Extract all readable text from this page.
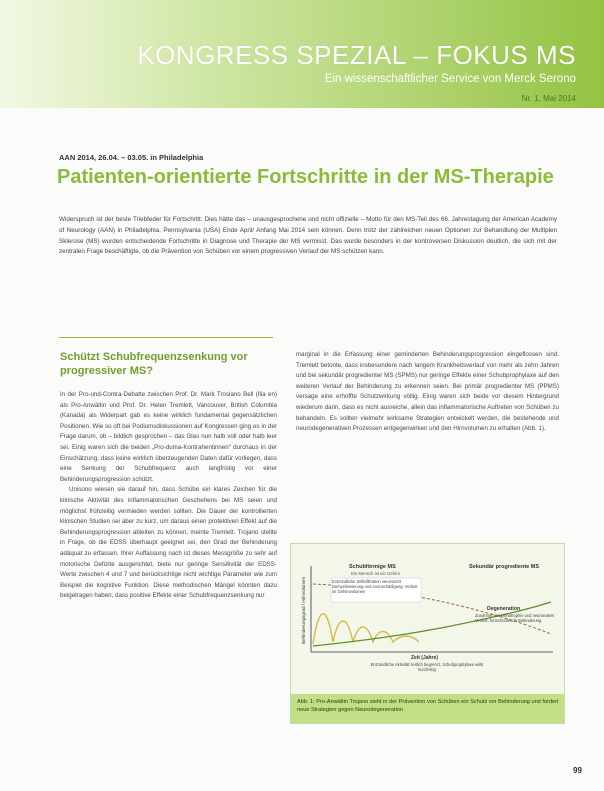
KONGRESS SPEZIAL – FOKUS MS
Ein wissenschaftlicher Service von Merck Serono
Nr. 1, Mai 2014
AAN 2014, 26.04. – 03.05. in Philadelphia
Patienten-orientierte Fortschritte in der MS-Therapie
Widerspruch ist der beste Triebfeder für Fortschritt: Dies hätte das – unausgesprochene und nicht offizielle – Motto für den MS-Teil des 66. Jahrestagung der American Academy of Neurology (AAN) in Philadelphia, Pennsylvania (USA) Ende April/ Anfang Mai 2014 sein können. Denn trotz der zahlreichen neuen Optionen zur Behandlung der Multiplen Sklerose (MS) wurden entscheidende Fortschritte in Diagnose und Therapie der MS vermisst. Das wurde besonders in der kontroversen Diskussion deutlich, die sich mit der zentralen Frage beschäftigte, ob die Prävention von Schüben vor einem progressiven Verlauf der MS schützen kann.
Schützt Schubfrequenzsenkung vor progressiver MS?

In der Pro-und-Contra-Debatte zwischen Prof. Dr. Mark Trosiano Bell (Ilia en) als Pro-Anwältin und Prof. Dr. Helen Tremlett, Vancouver, British Columbia (Kanada) als Widerpart gab es keine wirklich fundamental gegensätzlichen Positionen. Wie so oft bei Podiumsdiskussionen auf Kongressen ging es in der Frage darum, ob – bildlich gesprochen – das Glas nun halb voll oder halb leer sei. Einig waren sich die beiden „Pro-duma-Kontrahentinnen“ durchaus in der Einschätzung, dass keine wirklich überzeugenden Daten dafür vorliegen, dass eine Senkung der Schubfrequenz auch langfristig vor einer Behinderungsprogression schützt.

Unisono wiesen sie darauf hin, dass Schübe ein klares Zeichen für die klinische Aktivität des inflammatorischen Geschehens bei MS seien und möglichst frühzeitig vermieden werden sollten. Die Dauer der kontrollierten klinischen Studien sei aber zu kurz, um daraus einen protektiven Effekt auf die Behinderungsprogression ableiten zu können, meinte Tremlett. Trojano stellte in Frage, ob die EDSS überhaupt geeignet sei, den Grad der Behinderung adäquat zu erfassen. Ihrer Auffassung nach ist dieses Messgröße zu sehr auf motorische Defizite ausgerichtet, biete nur geringe Sensitivität der EDSS-Werte zwischen 4 und 7 und berücksichtige nicht wichtige Parameter wie zum Beispiel die kognitive Funktion. Diese methodischen Mängel könnten dazu beigetragen haben, dass positive Effekte einer Schubfrequenzsenkung nur

marginal in die Erfassung einer geminderten Behinderungsprogression eingeflossen sind. Tremlett betonte, dass insbesondere nach langem Krankheitsverlauf von mehr als zehn Jahren und bei sekundär progredienter MS (SPMS) nur geringe Effekte einer Schubprophylaxe auf den weiteren Verlauf der Behinderung zu erkennen seien. Bei primär progredienter MS (PPMS) versage eine erhoffte Schutzwirkung völlig. Einig waren sich beide vor diesem Hintergrund wiederum darin, dass es nicht ausreiche, allein das inflammatorische Auftreten von Schüben zu behandeln. Es sollten vielmehr wirksame Strategien entwickelt werden, die bestehende und neurodegenerativen Prozessen entgegenwirken und den Hirnvolumen zu erhalten (Abb. 1).

Schubförmige MS
Ein Mensch ist ein Gehirn
Sekundär progrediente MS
Entzündliche Zellinfiltration verursacht Demyelinisierung und Axonschädigung; Verlust im Gehirnvolumen
Degeneration
Zunahme von Hirnatrophie und neuronalem Verlust, fortschreitende Behinderung
Behinderungsgrad / Hirnvolumen
Zeit (Jahre)
Entzündliche Aktivität zeitlich begrenzt, Schubprophylaxe wirkt kurzfristig
Abb. 1: Pro-Anwältin Trojano sieht in der Prävention von Schüben ein Schutz vor Behinderung und fordert neue Strategien gegen Neurodegeneration
99
